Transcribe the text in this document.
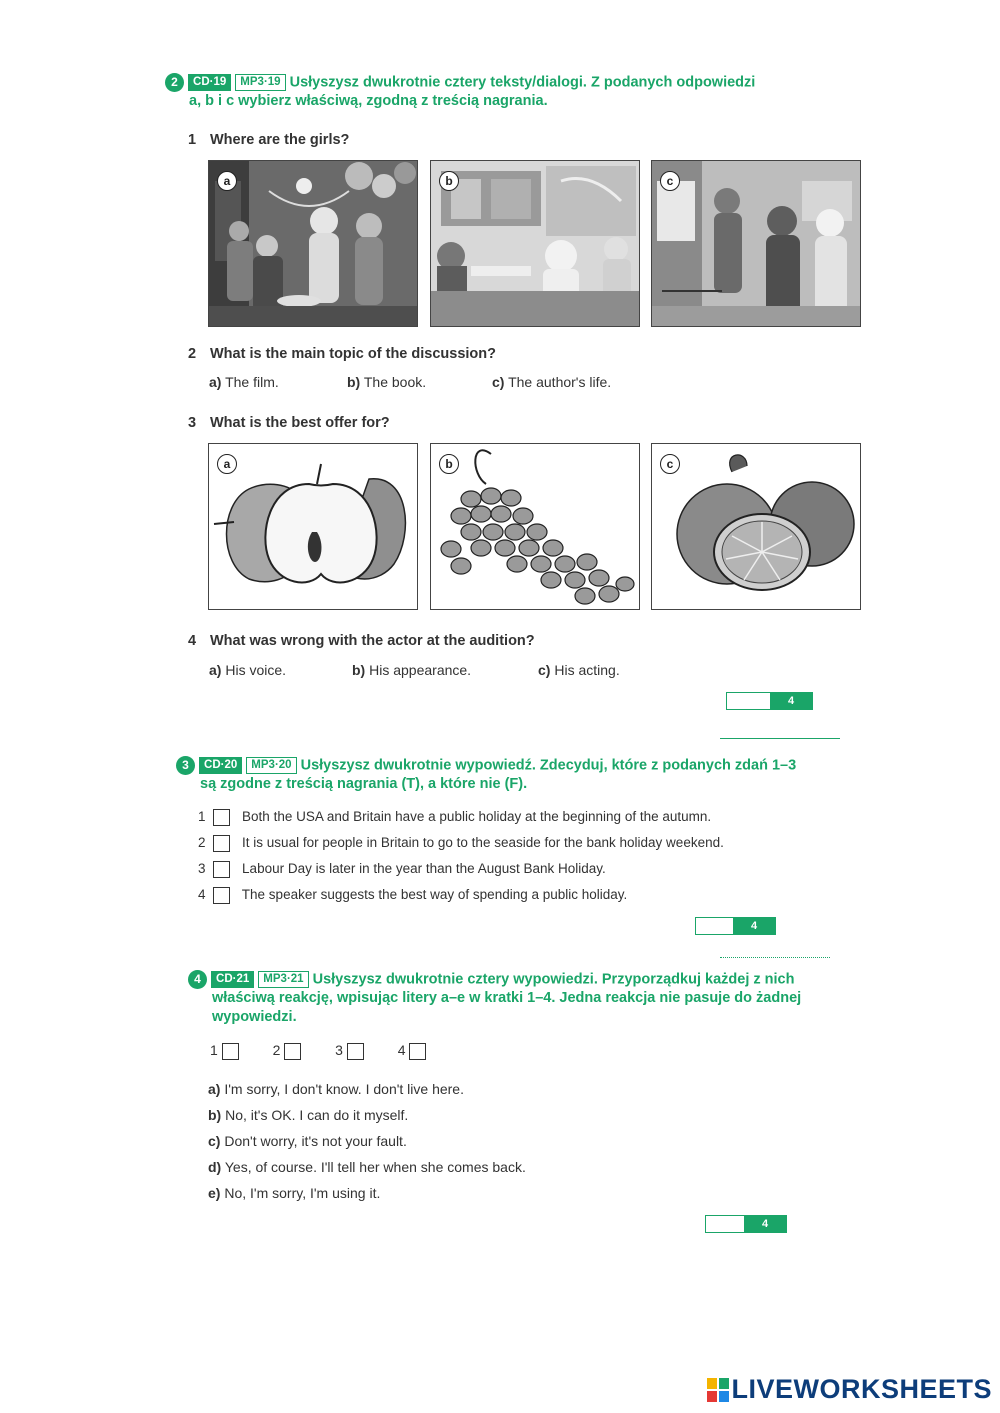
2 CD·19 MP3·19 Usłyszysz dwukrotnie cztery teksty/dialogi. Z podanych odpowiedzi
a, b i c wybierz właściwą, zgodną z treścią nagrania.
1 Where are the girls?
a	b	c
2 What is the main topic of the discussion?
a) The film.	b) The book.	c) The author's life.
3 What is the best offer for?
a	b	c
4 What was wrong with the actor at the audition?
a) His voice.	b) His appearance.	c) His acting.
4
3 CD·20 MP3·20 Usłyszysz dwukrotnie wypowiedź. Zdecyduj, które z podanych zdań 1–3
są zgodne z treścią nagrania (T), a które nie (F).
1	Both the USA and Britain have a public holiday at the beginning of the autumn.
2	It is usual for people in Britain to go to the seaside for the bank holiday weekend.
3	Labour Day is later in the year than the August Bank Holiday.
4	The speaker suggests the best way of spending a public holiday.
4
4 CD·21 MP3·21 Usłyszysz dwukrotnie cztery wypowiedzi. Przyporządkuj każdej z nich
właściwą reakcję, wpisując litery a–e w kratki 1–4. Jedna reakcja nie pasuje do żadnej
wypowiedzi.
1	2	3	4
a) I'm sorry, I don't know. I don't live here.
b) No, it's OK. I can do it myself.
c) Don't worry, it's not your fault.
d) Yes, of course. I'll tell her when she comes back.
e) No, I'm sorry, I'm using it.
4
LIVEWORKSHEETS
